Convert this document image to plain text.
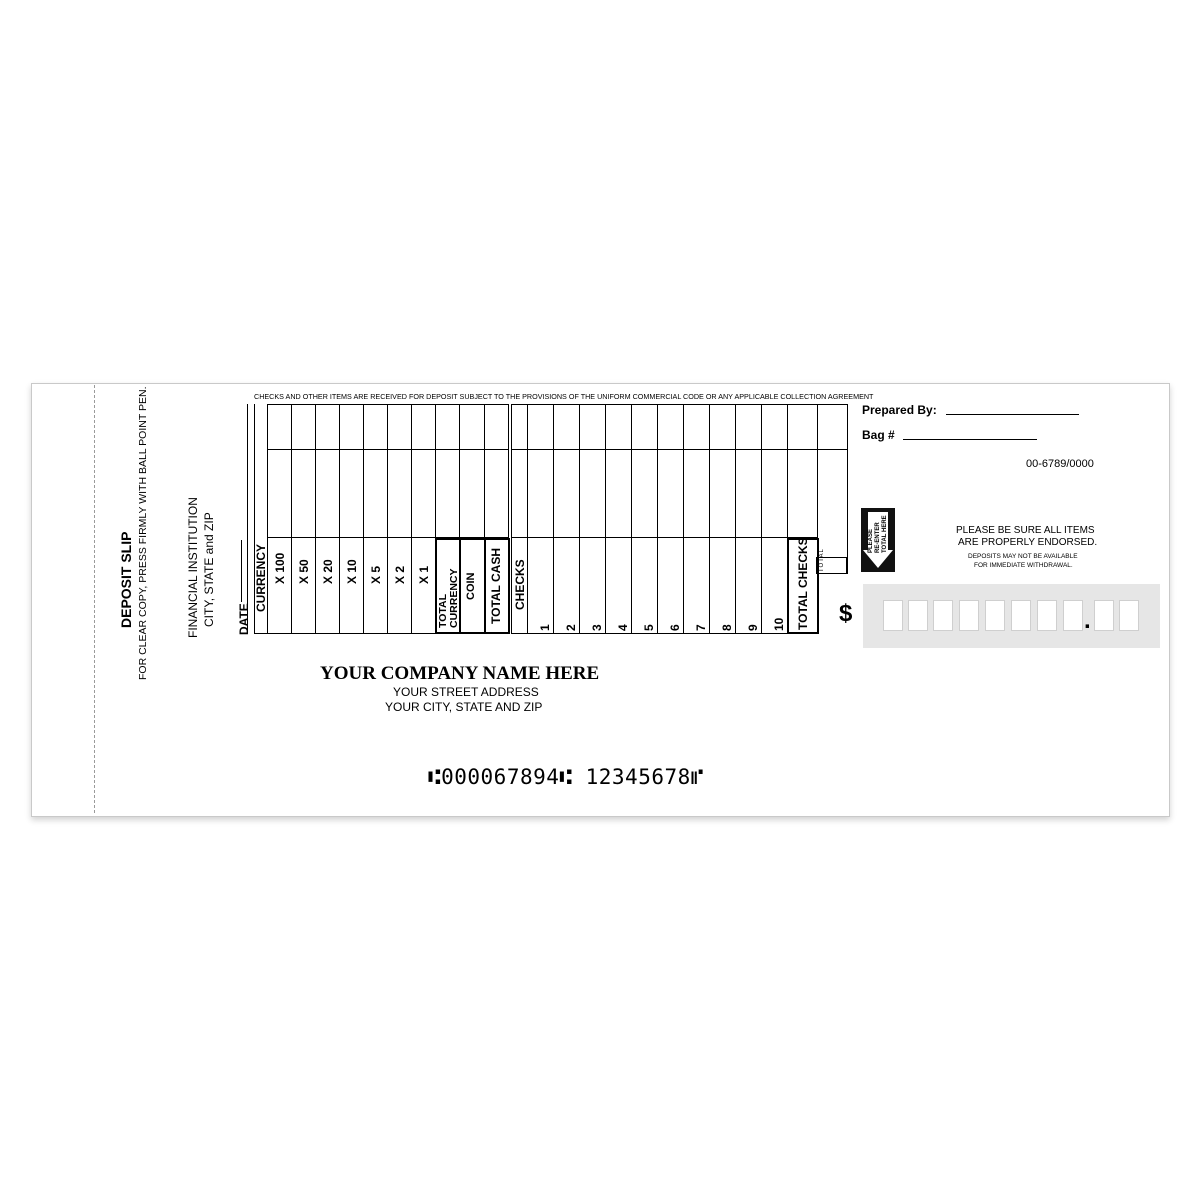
DEPOSIT SLIP FOR CLEAR COPY, PRESS FIRMLY WITH BALL POINT PEN.	FINANCIAL INSTITUTION CITY, STATE and ZIP
CHECKS AND OTHER ITEMS ARE RECEIVED FOR DEPOSIT SUBJECT TO THE PROVISIONS OF THE UNIFORM COMMERCIAL CODE OR ANY APPLICABLE COLLECTION AGREEMENT
DATE
CURRENCY X 100 X 50 X 20 X 10 X 5 X 2 X 1
TOTAL CURRENCY COIN TOTAL CASH CHECKS
1 2 3 4 5 6 7 8 9 10 TOTAL CHECKS TOTAL
Prepared By:
Bag #
00-6789/0000
PLEASE RE-ENTER TOTAL HERE	PLEASE BE SURE ALL ITEMS
ARE PROPERLY ENDORSED.
DEPOSITS MAY NOT BE AVAILABLE
FOR IMMEDIATE WITHDRAWAL.
$	.
YOUR COMPANY NAME HERE
YOUR STREET ADDRESS
YOUR CITY, STATE AND ZIP
⑆000067894⑆ 12345678⑈
